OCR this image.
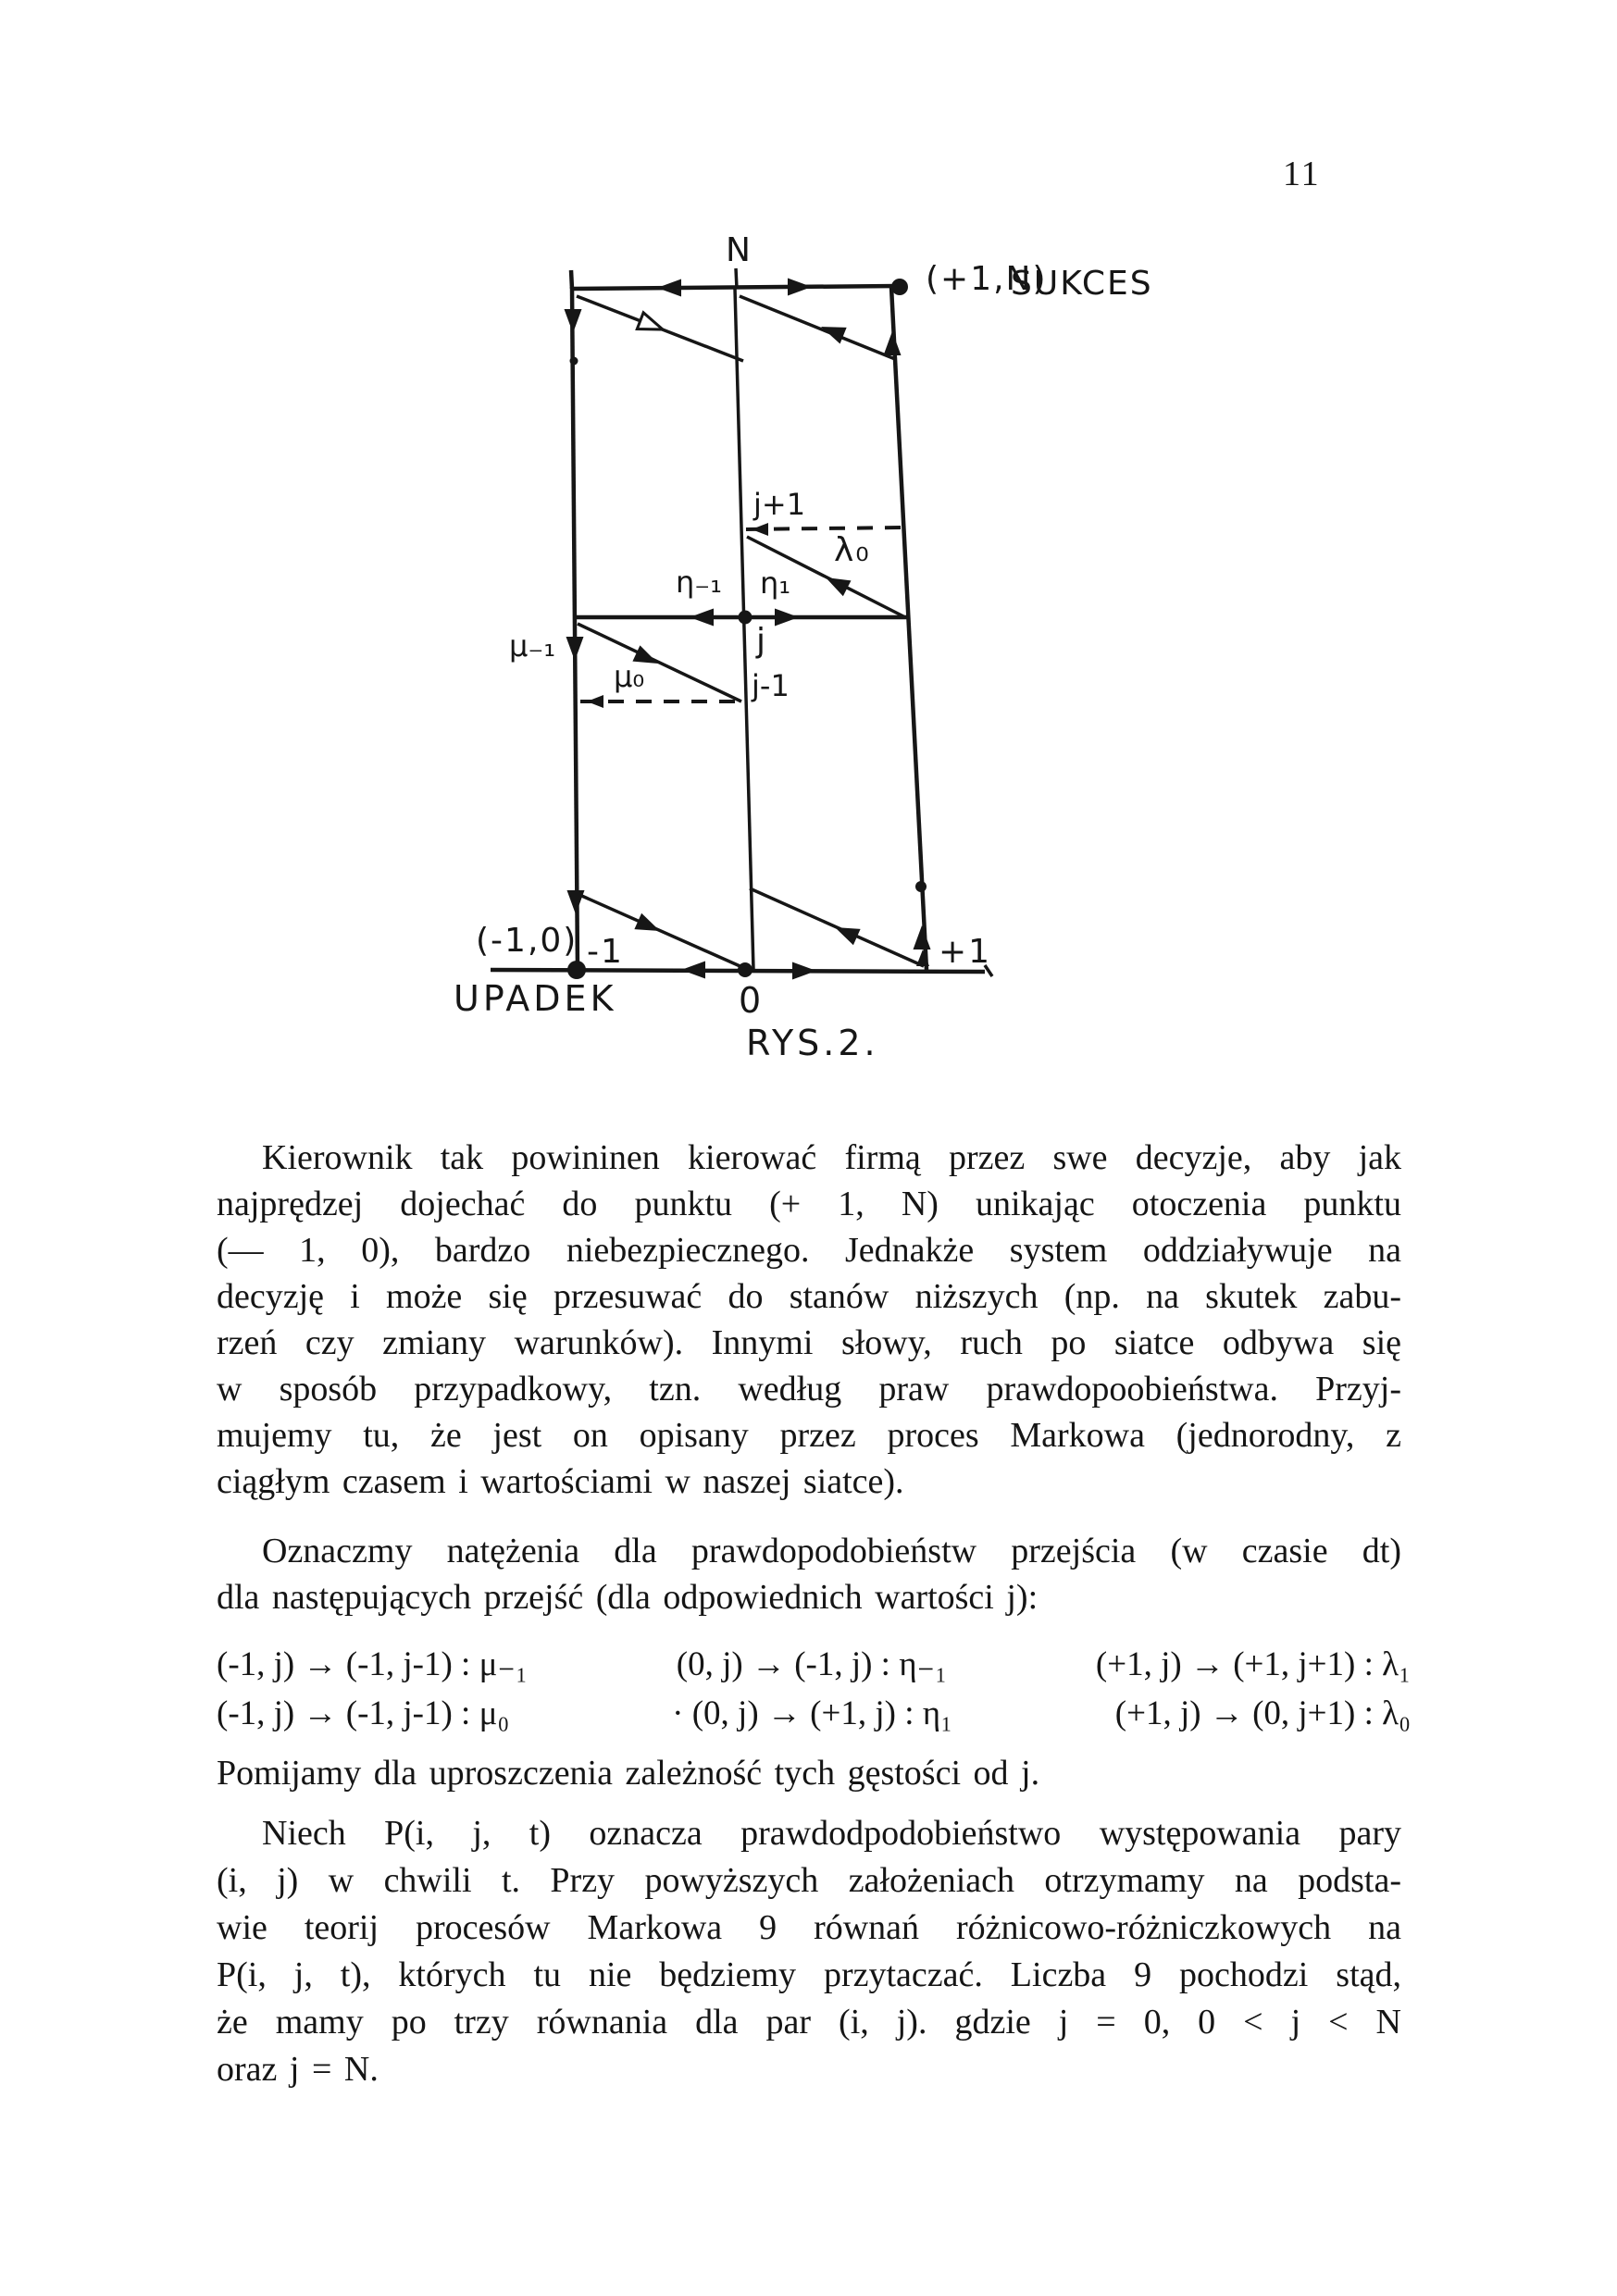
11
N
(+1,N)
SUKCES
j+1
λ₀
η₋₁ η₁
j
μ₋₁
μ₀	j-1
(-1,0) -1	+1
UPADEK	0
RYS.2.
Kierownik tak powininen kierować firmą przez swe decyzje, aby jak
najprędzej dojechać do punktu (+ 1, N) unikając otoczenia punktu
(— 1, 0), bardzo niebezpiecznego. Jednakże system oddziaływuje na
decyzję i może się przesuwać do stanów niższych (np. na skutek zabu-
rzeń czy zmiany warunków). Innymi słowy, ruch po siatce odbywa się
w sposób przypadkowy, tzn. według praw prawdopoobieństwa. Przyj-
mujemy tu, że jest on opisany przez proces Markowa (jednorodny, z
ciągłym czasem i wartościami w naszej siatce).
Oznaczmy natężenia dla prawdopodobieństw przejścia (w czasie dt)
dla następujących przejść (dla odpowiednich wartości j):
(-1, j) → (-1, j-1) : μ₋₁	(0, j) → (-1, j) : η₋₁	(+1, j) → (+1, j+1) : λ₁
(-1, j) → (-1, j-1) : μ₀	· (0, j) → (+1, j) : η₁	(+1, j) → (0, j+1) : λ₀
Pomijamy dla uproszczenia zależność tych gęstości od j.
Niech P(i, j, t) oznacza prawdodpodobieństwo występowania pary
(i, j) w chwili t. Przy powyższych założeniach otrzymamy na podsta-
wie teorij procesów Markowa 9 równań różnicowo-różniczkowych na
P(i, j, t), których tu nie będziemy przytaczać. Liczba 9 pochodzi stąd,
że mamy po trzy równania dla par (i, j). gdzie j = 0, 0 < j < N
oraz j = N.
